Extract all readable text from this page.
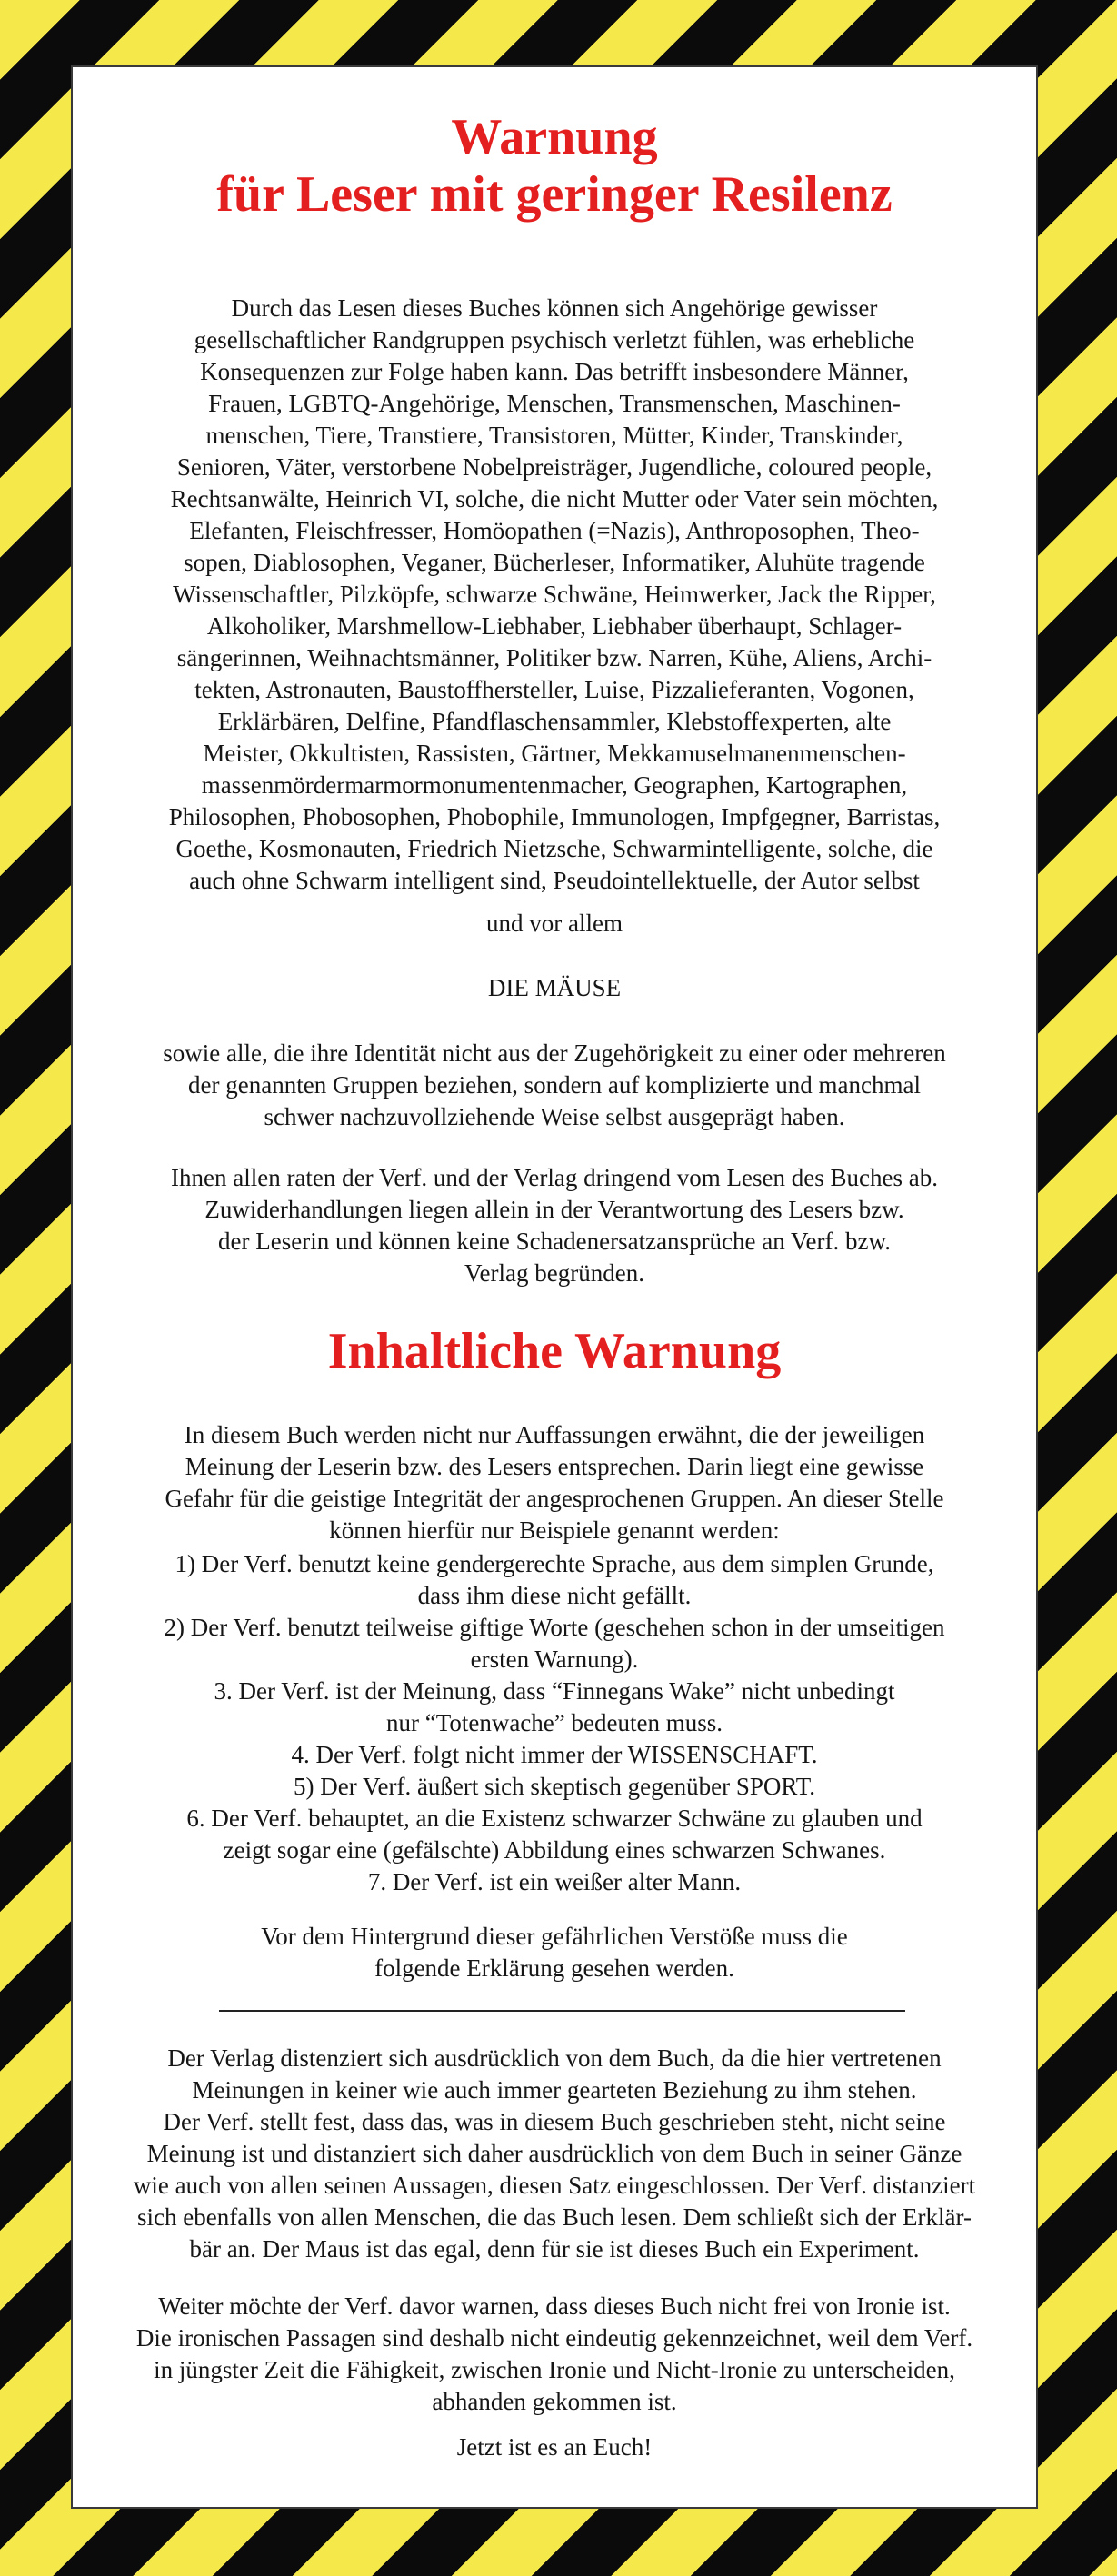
Warnung
für Leser mit geringer Resilenz

Durch das Lesen dieses Buches können sich Angehörige gewisser
gesellschaftlicher Randgruppen psychisch verletzt fühlen, was erhebliche
Konsequenzen zur Folge haben kann. Das betrifft insbesondere Männer,
Frauen, LGBTQ-Angehörige, Menschen, Transmenschen, Maschinen-
menschen, Tiere, Transtiere, Transistoren, Mütter, Kinder, Transkinder,
Senioren, Väter, verstorbene Nobelpreisträger, Jugendliche, coloured people,
Rechtsanwälte, Heinrich VI, solche, die nicht Mutter oder Vater sein möchten,
Elefanten, Fleischfresser, Homöopathen (=Nazis), Anthroposophen, Theo-
sopen, Diablosophen, Veganer, Bücherleser, Informatiker, Aluhüte tragende
Wissenschaftler, Pilzköpfe, schwarze Schwäne, Heimwerker, Jack the Ripper,
Alkoholiker, Marshmellow-Liebhaber, Liebhaber überhaupt, Schlager-
sängerinnen, Weihnachtsmänner, Politiker bzw. Narren, Kühe, Aliens, Archi-
tekten, Astronauten, Baustoffhersteller, Luise, Pizzalieferanten, Vogonen,
Erklärbären, Delfine, Pfandflaschensammler, Klebstoffexperten, alte
Meister, Okkultisten, Rassisten, Gärtner, Mekkamuselmanenmenschen-
massenmördermarmormonumentenmacher, Geographen, Kartographen,
Philosophen, Phobosophen, Phobophile, Immunologen, Impfgegner, Barristas,
Goethe, Kosmonauten, Friedrich Nietzsche, Schwarmintelligente, solche, die
auch ohne Schwarm intelligent sind, Pseudointellektuelle, der Autor selbst

und vor allem

DIE MÄUSE

sowie alle, die ihre Identität nicht aus der Zugehörigkeit zu einer oder mehreren
der genannten Gruppen beziehen, sondern auf komplizierte und manchmal
schwer nachzuvollziehende Weise selbst ausgeprägt haben.

Ihnen allen raten der Verf. und der Verlag dringend vom Lesen des Buches ab.
Zuwiderhandlungen liegen allein in der Verantwortung des Lesers bzw.
der Leserin und können keine Schadenersatzansprüche an Verf. bzw.
Verlag begründen.

Inhaltliche Warnung

In diesem Buch werden nicht nur Auffassungen erwähnt, die der jeweiligen
Meinung der Leserin bzw. des Lesers entsprechen. Darin liegt eine gewisse
Gefahr für die geistige Integrität der angesprochenen Gruppen. An dieser Stelle
können hierfür nur Beispiele genannt werden:

1) Der Verf. benutzt keine gendergerechte Sprache, aus dem simplen Grunde,
dass ihm diese nicht gefällt.
2) Der Verf. benutzt teilweise giftige Worte (geschehen schon in der umseitigen
ersten Warnung).
3. Der Verf. ist der Meinung, dass “Finnegans Wake” nicht unbedingt
nur “Totenwache” bedeuten muss.
4. Der Verf. folgt nicht immer der WISSENSCHAFT.
5) Der Verf. äußert sich skeptisch gegenüber SPORT.
6. Der Verf. behauptet, an die Existenz schwarzer Schwäne zu glauben und
zeigt sogar eine (gefälschte) Abbildung eines schwarzen Schwanes.
7. Der Verf. ist ein weißer alter Mann.

Vor dem Hintergrund dieser gefährlichen Verstöße muss die
folgende Erklärung gesehen werden.

Der Verlag distenziert sich ausdrücklich von dem Buch, da die hier vertretenen
Meinungen in keiner wie auch immer gearteten Beziehung zu ihm stehen.
Der Verf. stellt fest, dass das, was in diesem Buch geschrieben steht, nicht seine
Meinung ist und distanziert sich daher ausdrücklich von dem Buch in seiner Gänze
wie auch von allen seinen Aussagen, diesen Satz eingeschlossen. Der Verf. distanziert
sich ebenfalls von allen Menschen, die das Buch lesen. Dem schließt sich der Erklär-
bär an. Der Maus ist das egal, denn für sie ist dieses Buch ein Experiment.

Weiter möchte der Verf. davor warnen, dass dieses Buch nicht frei von Ironie ist.
Die ironischen Passagen sind deshalb nicht eindeutig gekennzeichnet, weil dem Verf.
in jüngster Zeit die Fähigkeit, zwischen Ironie und Nicht-Ironie zu unterscheiden,
abhanden gekommen ist.

Jetzt ist es an Euch!
